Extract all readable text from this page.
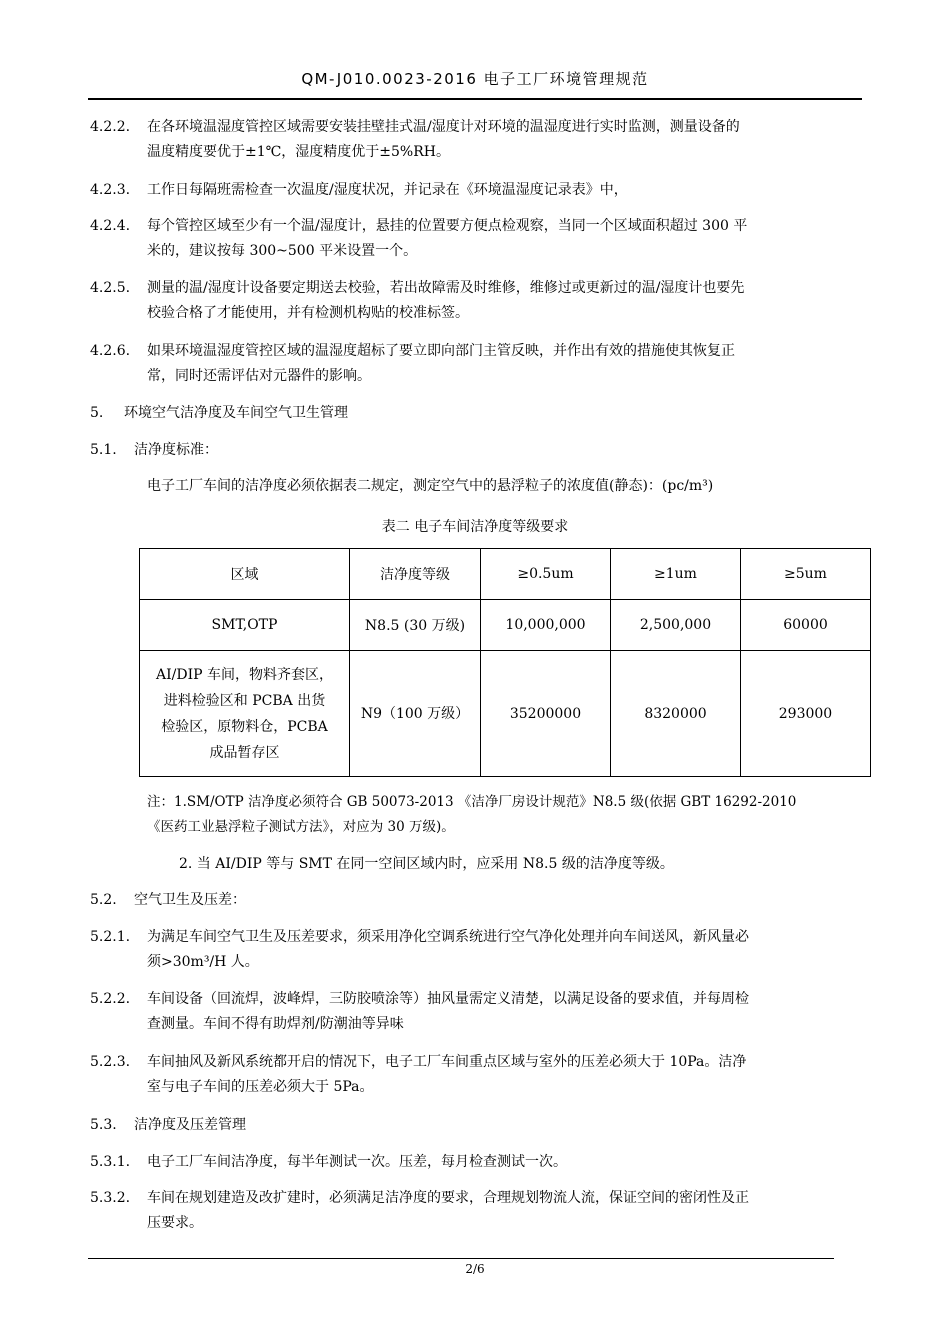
QM-J010.0023-2016 电子工厂环境管理规范
4.2.2. 在各环境温湿度管控区域需要安装挂壁挂式温/湿度计对环境的温湿度进行实时监测，测量设备的
温度精度要优于±1℃，湿度精度优于±5%RH。
4.2.3. 工作日每隔班需检查一次温度/湿度状况，并记录在《环境温湿度记录表》中，
4.2.4. 每个管控区域至少有一个温/湿度计，悬挂的位置要方便点检观察，当同一个区域面积超过 300 平
米的，建议按每 300~500 平米设置一个。
4.2.5. 测量的温/湿度计设备要定期送去校验，若出故障需及时维修，维修过或更新过的温/湿度计也要先
校验合格了才能使用，并有检测机构贴的校准标签。
4.2.6. 如果环境温湿度管控区域的温湿度超标了要立即向部门主管反映，并作出有效的措施使其恢复正
常，同时还需评估对元器件的影响。
5. 环境空气洁净度及车间空气卫生管理
5.1. 洁净度标准：
电子工厂车间的洁净度必须依据表二规定，测定空气中的悬浮粒子的浓度值(静态)：(pc/m³)
表二 电子车间洁净度等级要求
区域	洁净度等级	≥0.5um	≥1um	≥5um
SMT,OTP	N8.5 (30 万级)	10,000,000	2,500,000	60000

AI/DIP 车间，物料齐套区，
进料检验区和 PCBA 出货
检验区，原物料仓，PCBA
成品暂存区	N9（100 万级）	35200000	8320000	293000
注：1.SM/OTP 洁净度必须符合 GB 50073-2013 《洁净厂房设计规范》N8.5 级(依据 GBT 16292-2010
《医药工业悬浮粒子测试方法》，对应为 30 万级)。
2. 当 AI/DIP 等与 SMT 在同一空间区域内时，应采用 N8.5 级的洁净度等级。
5.2. 空气卫生及压差：
5.2.1. 为满足车间空气卫生及压差要求，须采用净化空调系统进行空气净化处理并向车间送风，新风量必
须>30m³/H 人。
5.2.2. 车间设备（回流焊，波峰焊，三防胶喷涂等）抽风量需定义清楚，以满足设备的要求值，并每周检
查测量。车间不得有助焊剂/防潮油等异味
5.2.3. 车间抽风及新风系统都开启的情况下，电子工厂车间重点区域与室外的压差必须大于 10Pa。洁净
室与电子车间的压差必须大于 5Pa。
5.3. 洁净度及压差管理
5.3.1. 电子工厂车间洁净度，每半年测试一次。压差，每月检查测试一次。
5.3.2. 车间在规划建造及改扩建时，必须满足洁净度的要求，合理规划物流人流，保证空间的密闭性及正
压要求。
2/6
